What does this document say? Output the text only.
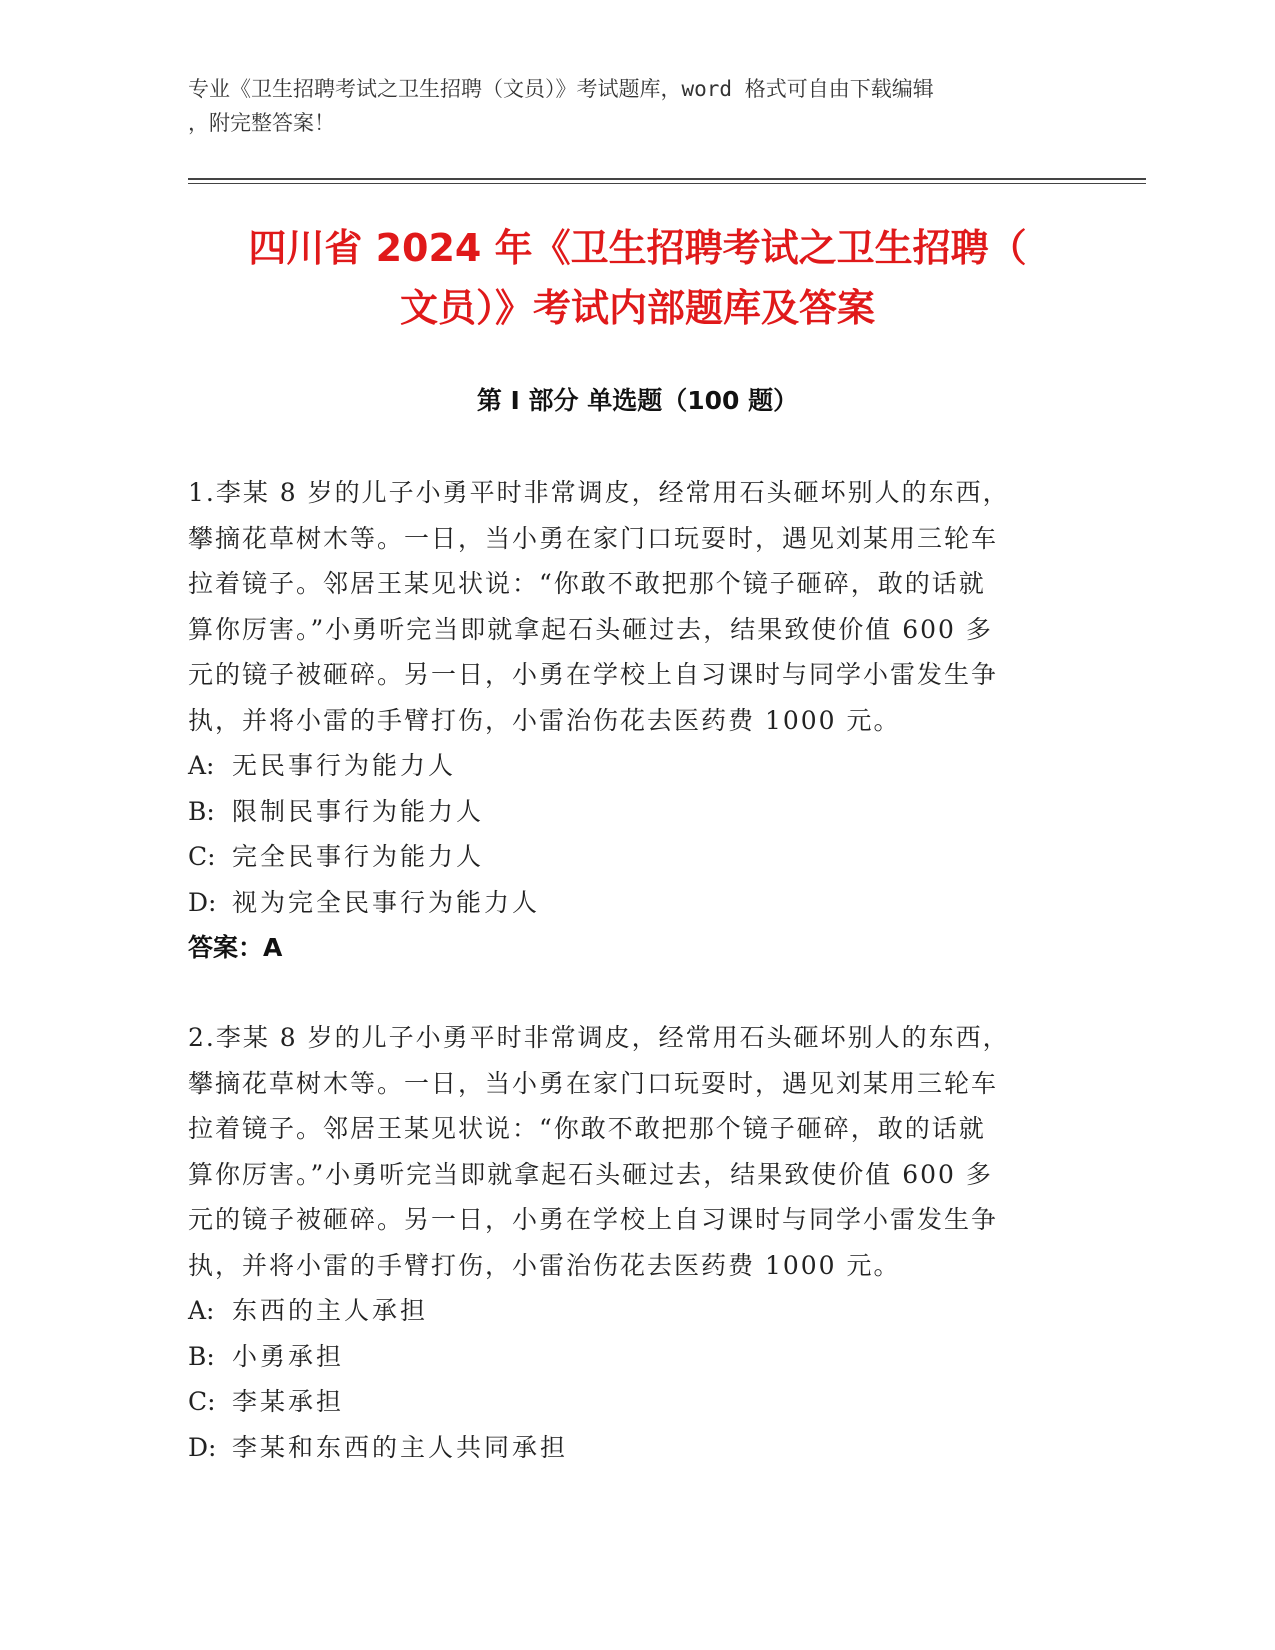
专业《卫生招聘考试之卫生招聘（文员）》考试题库，word 格式可自由下载编辑
，附完整答案！
四川省 2024 年《卫生招聘考试之卫生招聘（
文员）》考试内部题库及答案
第 I 部分 单选题（100 题）

1.李某 8 岁的儿子小勇平时非常调皮，经常用石头砸坏别人的东西，

攀摘花草树木等。一日，当小勇在家门口玩耍时，遇见刘某用三轮车

拉着镜子。邻居王某见状说：“你敢不敢把那个镜子砸碎，敢的话就

算你厉害。”小勇听完当即就拿起石头砸过去，结果致使价值 600 多

元的镜子被砸碎。另一日，小勇在学校上自习课时与同学小雷发生争

执，并将小雷的手臂打伤，小雷治伤花去医药费 1000 元。

A: 无民事行为能力人

B: 限制民事行为能力人

C: 完全民事行为能力人

D: 视为完全民事行为能力人

答案：A

2.李某 8 岁的儿子小勇平时非常调皮，经常用石头砸坏别人的东西，

攀摘花草树木等。一日，当小勇在家门口玩耍时，遇见刘某用三轮车

拉着镜子。邻居王某见状说：“你敢不敢把那个镜子砸碎，敢的话就

算你厉害。”小勇听完当即就拿起石头砸过去，结果致使价值 600 多

元的镜子被砸碎。另一日，小勇在学校上自习课时与同学小雷发生争

执，并将小雷的手臂打伤，小雷治伤花去医药费 1000 元。

A: 东西的主人承担

B: 小勇承担

C: 李某承担

D: 李某和东西的主人共同承担
